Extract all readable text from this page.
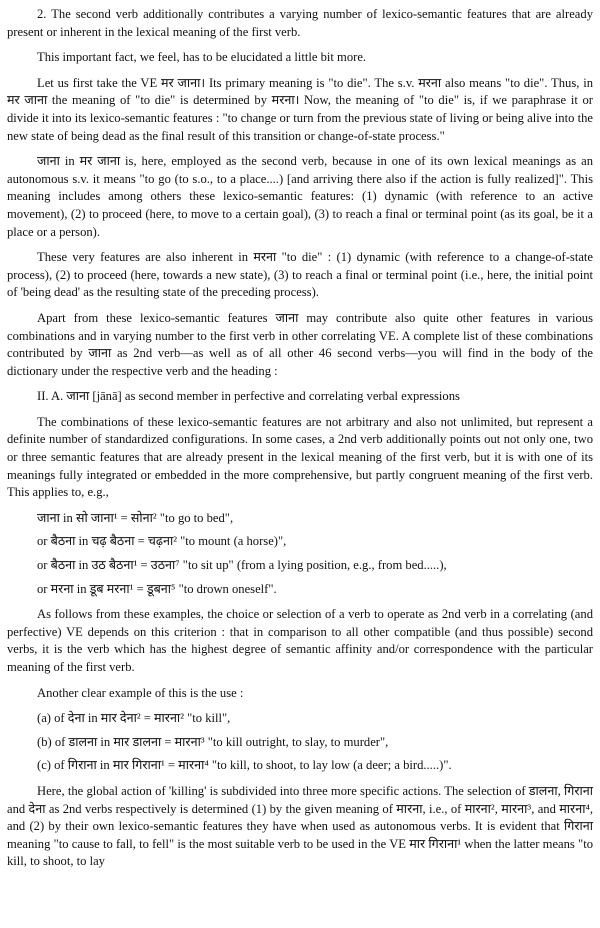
2. The second verb additionally contributes a varying number of lexico-semantic features that are already present or inherent in the lexical meaning of the first verb.

This important fact, we feel, has to be elucidated a little bit more.

Let us first take the VE मर जाना। Its primary meaning is "to die". The s.v. मरना also means "to die". Thus, in मर जाना the meaning of "to die" is determined by मरना। Now, the meaning of "to die" is, if we paraphrase it or divide it into its lexico-semantic features : "to change or turn from the previous state of living or being alive into the new state of being dead as the final result of this transition or change-of-state process."

जाना in मर जाना is, here, employed as the second verb, because in one of its own lexical meanings as an autonomous s.v. it means "to go (to s.o., to a place....) [and arriving there also if the action is fully realized]". This meaning includes among others these lexico-semantic features: (1) dynamic (with reference to an active movement), (2) to proceed (here, to move to a certain goal), (3) to reach a final or terminal point (as its goal, be it a place or a person).

These very features are also inherent in मरना "to die" : (1) dynamic (with reference to a change-of-state process), (2) to proceed (here, towards a new state), (3) to reach a final or terminal point (i.e., here, the initial point of 'being dead' as the resulting state of the preceding process).

Apart from these lexico-semantic features जाना may contribute also quite other features in various combinations and in varying number to the first verb in other correlating VE. A complete list of these combinations contributed by जाना as 2nd verb—as well as of all other 46 second verbs—you will find in the body of the dictionary under the respective verb and the heading :

II. A. जाना [jānā] as second member in perfective and correlating verbal expressions

The combinations of these lexico-semantic features are not arbitrary and also not unlimited, but represent a definite number of standardized configurations. In some cases, a 2nd verb additionally points out not only one, two or three semantic features that are already present in the lexical meaning of the first verb, but it is with one of its meanings fully integrated or embedded in the more comprehensive, but partly congruent meaning of the first verb. This applies to, e.g.,

जाना in सो जाना¹ = सोना² "to go to bed",

or बैठना in चढ़ बैठना = चढ़ना² "to mount (a horse)",

or बैठना in उठ बैठना¹ = उठना⁷ "to sit up" (from a lying position, e.g., from bed.....),

or मरना in डूब मरना¹ = डूबना⁵ "to drown oneself".

As follows from these examples, the choice or selection of a verb to operate as 2nd verb in a correlating (and perfective) VE depends on this criterion : that in comparison to all other compatible (and thus possible) second verbs, it is the verb which has the highest degree of semantic affinity and/or correspondence with the particular meaning of the first verb.

Another clear example of this is the use :

(a) of देना in मार देना² = मारना² "to kill",

(b) of डालना in मार डालना = मारना³ "to kill outright, to slay, to murder",

(c) of गिराना in मार गिराना¹ = मारना⁴ "to kill, to shoot, to lay low (a deer; a bird.....)".

Here, the global action of 'killing' is subdivided into three more specific actions. The selection of डालना, गिराना and देना as 2nd verbs respectively is determined (1) by the given meaning of मारना, i.e., of मारना², मारना³, and मारना⁴, and (2) by their own lexico-semantic features they have when used as autonomous verbs. It is evident that गिराना meaning "to cause to fall, to fell" is the most suitable verb to be used in the VE मार गिराना¹ when the latter means "to kill, to shoot, to lay
